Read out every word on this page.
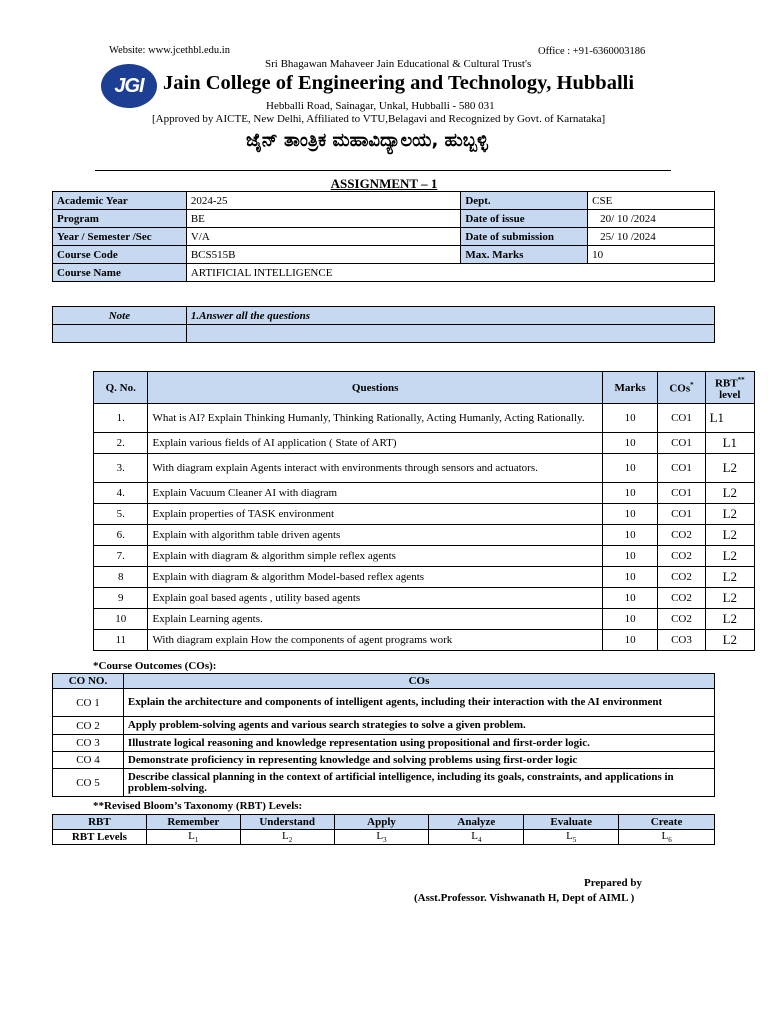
Website: www.jcethbl.edu.in	Office : +91-6360003186
Sri Bhagawan Mahaveer Jain Educational & Cultural Trust's
JGI Jain College of Engineering and Technology, Hubballi
Hebballi Road, Sainagar, Unkal, Hubballi - 580 031
[Approved by AICTE, New Delhi, Affiliated to VTU,Belagavi and Recognized by Govt. of Karnataka]
ಜೈನ್ ತಾಂತ್ರಿಕ ಮಹಾವಿದ್ಯಾಲಯ, ಹುಬ್ಬಳ್ಳಿ
ASSIGNMENT – 1
Academic Year	2024-25	Dept.	CSE
Program	BE	Date of issue	20/ 10 /2024
Year / Semester /Sec	V/A	Date of submission	25/ 10 /2024
Course Code	BCS515B	Max. Marks	10
Course Name	ARTIFICIAL INTELLIGENCE		
Note	1.Answer all the questions

Q. No.	Questions	Marks	COs*	RBT**
level
1.	What is AI? Explain Thinking Humanly, Thinking Rationally, Acting Humanly, Acting Rationally.	10	CO1	L1
2.	Explain various fields of AI application ( State of ART)	10	CO1	L1
3.	With diagram explain Agents interact with environments through sensors and actuators.	10	CO1	L2
4.	Explain Vacuum Cleaner AI with diagram	10	CO1	L2
5.	Explain properties of TASK environment	10	CO1	L2
6.	Explain with algorithm table driven agents	10	CO2	L2
7.	Explain with diagram & algorithm simple reflex agents	10	CO2	L2
8	Explain with diagram & algorithm Model-based reflex agents	10	CO2	L2
9	Explain goal based agents , utility based agents	10	CO2	L2
10	Explain Learning agents.	10	CO2	L2
11	With diagram explain How the components of agent programs work	10	CO3	L2
*Course Outcomes (COs):
CO NO.	COs
CO 1	Explain the architecture and components of intelligent agents, including their interaction with the AI environment
CO 2	Apply problem-solving agents and various search strategies to solve a given problem.
CO 3	Illustrate logical reasoning and knowledge representation using propositional and first-order logic.
CO 4	Demonstrate proficiency in representing knowledge and solving problems using first-order logic
CO 5	Describe classical planning in the context of artificial intelligence, including its goals, constraints, and applications in problem-solving.
**Revised Bloom’s Taxonomy (RBT) Levels:
RBT	Remember	Understand	Apply	Analyze	Evaluate	Create
RBT Levels	$L_1$	$L_2$	$L_3$	$L_4$	$L_5$	$L_6$
Prepared by
(Asst.Professor. Vishwanath H, Dept of AIML )
